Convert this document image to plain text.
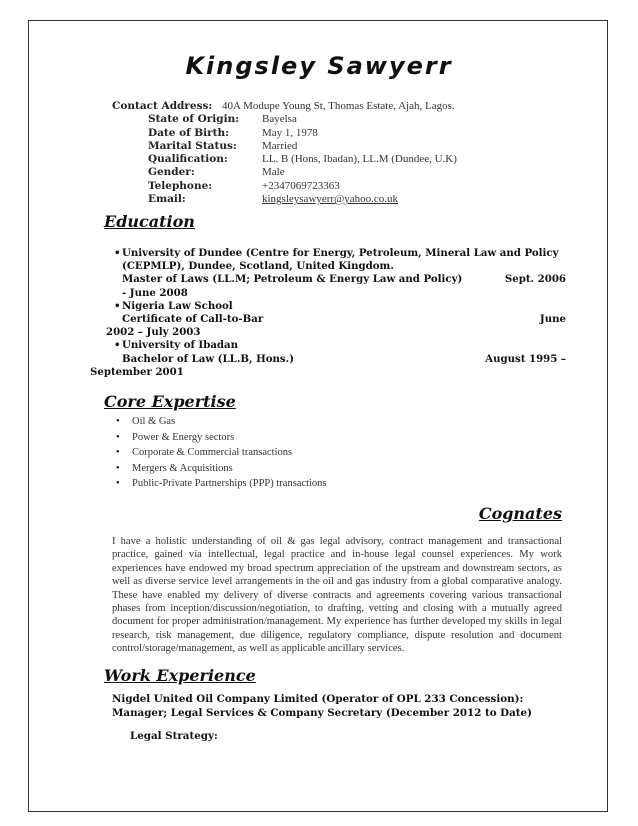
Kingsley Sawyerr
Contact Address: 40A Modupe Young St, Thomas Estate, Ajah, Lagos.
State of Origin:	Bayelsa
Date of Birth:	May 1, 1978
Marital Status:	Married
Qualification:	LL. B (Hons, Ibadan), LL.M (Dundee, U.K)
Gender:	Male
Telephone:	+2347069723363
Email:	kingsleysawyerr@yahoo.co.uk
Education
• University of Dundee (Centre for Energy, Petroleum, Mineral Law and Policy
(CEPMLP), Dundee, Scotland, United Kingdom.
Master of Laws (LL.M; Petroleum & Energy Law and Policy)	Sept. 2006
- June 2008
• Nigeria Law School
Certificate of Call-to-Bar	June
2002 – July 2003
• University of Ibadan
Bachelor of Law (LL.B, Hons.)	August 1995 –
September 2001
Core Expertise
• Oil & Gas
• Power & Energy sectors
• Corporate & Commercial transactions
• Mergers & Acquisitions
• Public-Private Partnerships (PPP) transactions
Cognates
I have a holistic understanding of oil & gas legal advisory, contract management and transactional practice, gained via intellectual, legal practice and in-house legal counsel experiences. My work experiences have endowed my broad spectrum appreciation of the upstream and downstream sectors, as well as diverse service level arrangements in the oil and gas industry from a global comparative analogy. These have enabled my delivery of diverse contracts and agreements covering various transactional phases from inception/discussion/negotiation, to drafting, vetting and closing with a mutually agreed document for proper administration/management. My experience has further developed my skills in legal research, risk management, due diligence, regulatory compliance, dispute resolution and document control/storage/management, as well as applicable ancillary services.
Work Experience
Nigdel United Oil Company Limited (Operator of OPL 233 Concession):
Manager; Legal Services & Company Secretary (December 2012 to Date)
Legal Strategy:
